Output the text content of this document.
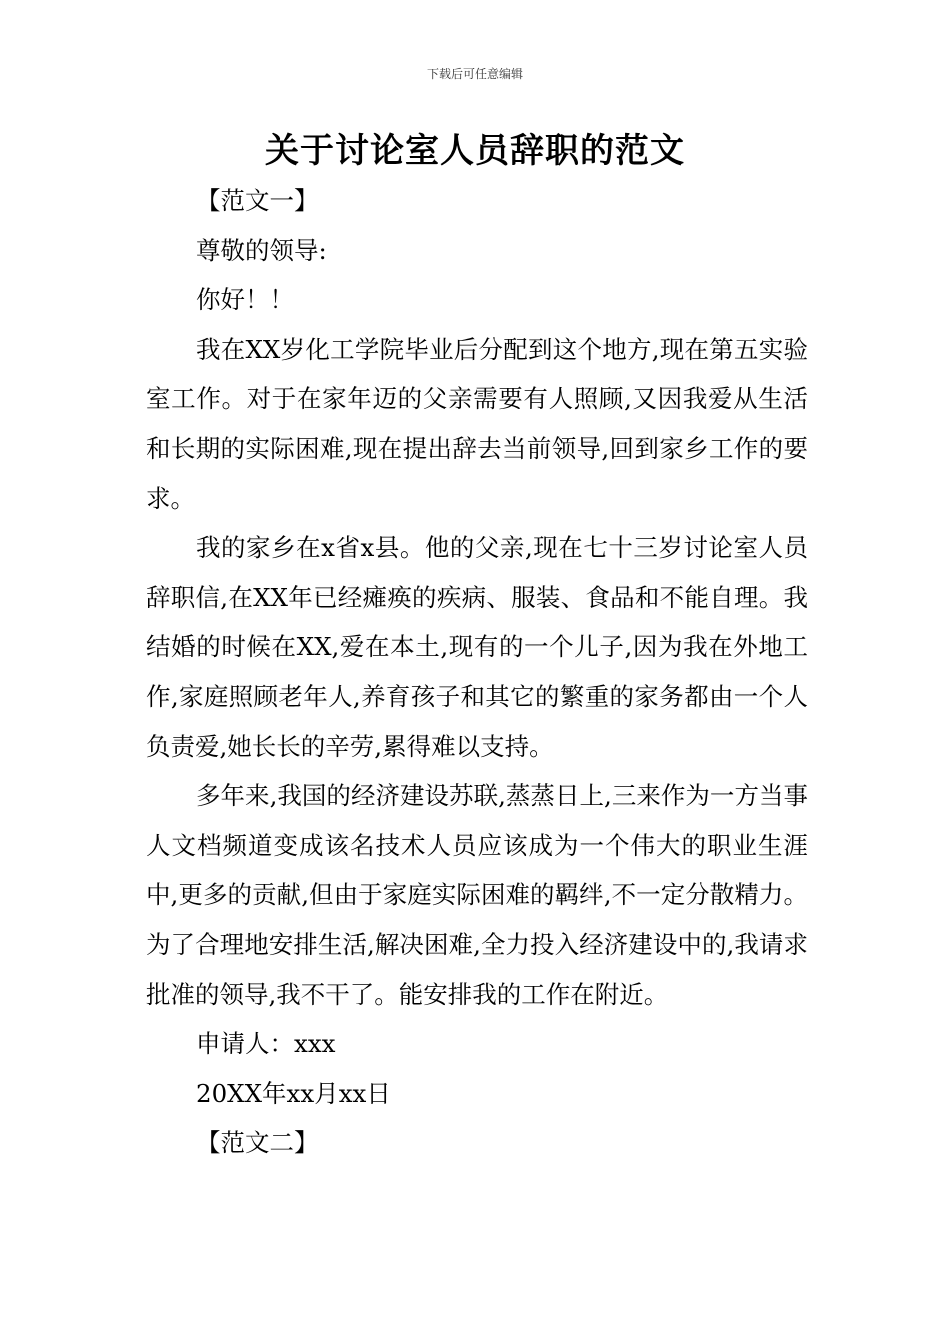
下载后可任意编辑
关于讨论室人员辞职的范文

【范文一】

尊敬的领导:

你好！！

我在XX岁化工学院毕业后分配到这个地方,现在第五实验室工作。对于在家年迈的父亲需要有人照顾,又因我爱从生活和长期的实际困难,现在提出辞去当前领导,回到家乡工作的要求。

我的家乡在x省x县。他的父亲,现在七十三岁讨论室人员辞职信,在XX年已经瘫痪的疾病、服装、食品和不能自理。我结婚的时候在XX,爱在本土,现有的一个儿子,因为我在外地工作,家庭照顾老年人,养育孩子和其它的繁重的家务都由一个人负责爱,她长长的辛劳,累得难以支持。

多年来,我国的经济建设苏联,蒸蒸日上,三来作为一方当事人文档频道变成该名技术人员应该成为一个伟大的职业生涯中,更多的贡献,但由于家庭实际困难的羁绊,不一定分散精力。为了合理地安排生活,解决困难,全力投入经济建设中的,我请求批准的领导,我不干了。能安排我的工作在附近。

申请人：xxx

20XX年xx月xx日

【范文二】
